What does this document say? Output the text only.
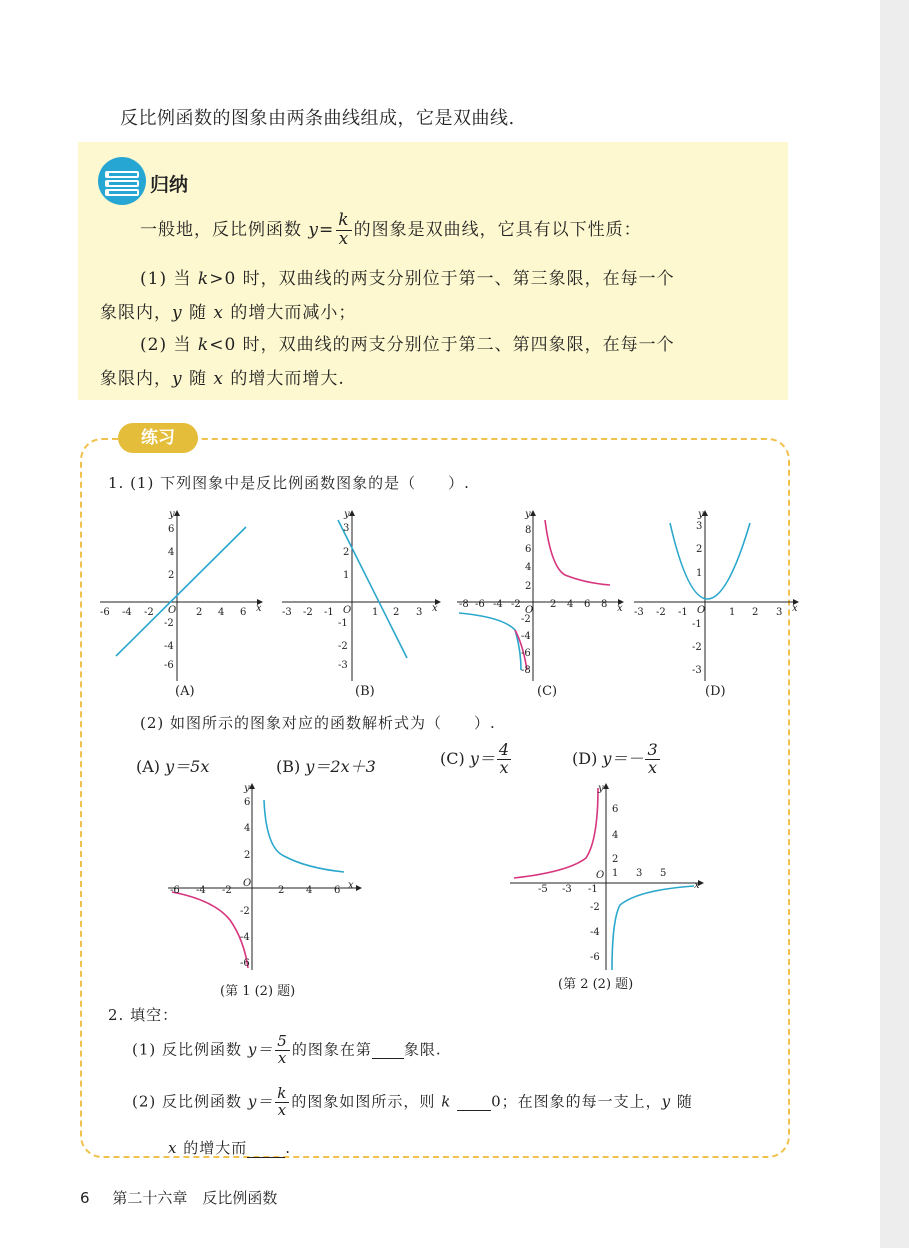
反比例函数的图象由两条曲线组成，它是双曲线.
归纳
一般地，反比例函数 $y= \frac{k}{x}$ 的图象是双曲线，它具有以下性质：
(1) 当 k>0 时，双曲线的两支分别位于第一、第三象限，在每一个
象限内，y 随 x 的增大而减小；
(2) 当 k<0 时，双曲线的两支分别位于第二、第四象限，在每一个
象限内，y 随 x 的增大而增大.
练习
1. (1) 下列图象中是反比例函数图象的是（　　）.
-6 -4 -2	2 4 6
6
4
2
-2
-4
-6
O	x
y
(A)
-3 -2 -1	1 2 3
3
2
1
-1
-2
-3
O	x
y
(B)
-8 -6 -4 -2	2 4 6 8
8
6
4
2
-2
-4
-6
-8
O	x
y
(C)
-3 -2 -1	1 2 3
3
2
1
-1
-2
-3
O	x
y
(D)
(2) 如图所示的图象对应的函数解析式为（　　）.
(A) y＝5x	(B) y＝2x＋3	(C) $y= \frac{4}{x}$	(D) $y=- \frac{3}{x}$
-6 -4 -2	2 4 6
6
4
2
-2
-4
-6
O	x
y
(第 1 (2) 题)
-5 -3 -1
1 3 5
6
4
2
-2
-4
-6
O
x
y
(第 2 (2) 题)
2. 填空：
(1) 反比例函数 $y= \frac{5}{x}$ 的图象在第 象限.
(2) 反比例函数 $y= \frac{k}{x}$ 的图象如图所示，则 k	0；在图象的每一支上，y 随
x 的增大而	.
6 第二十六章　反比例函数
